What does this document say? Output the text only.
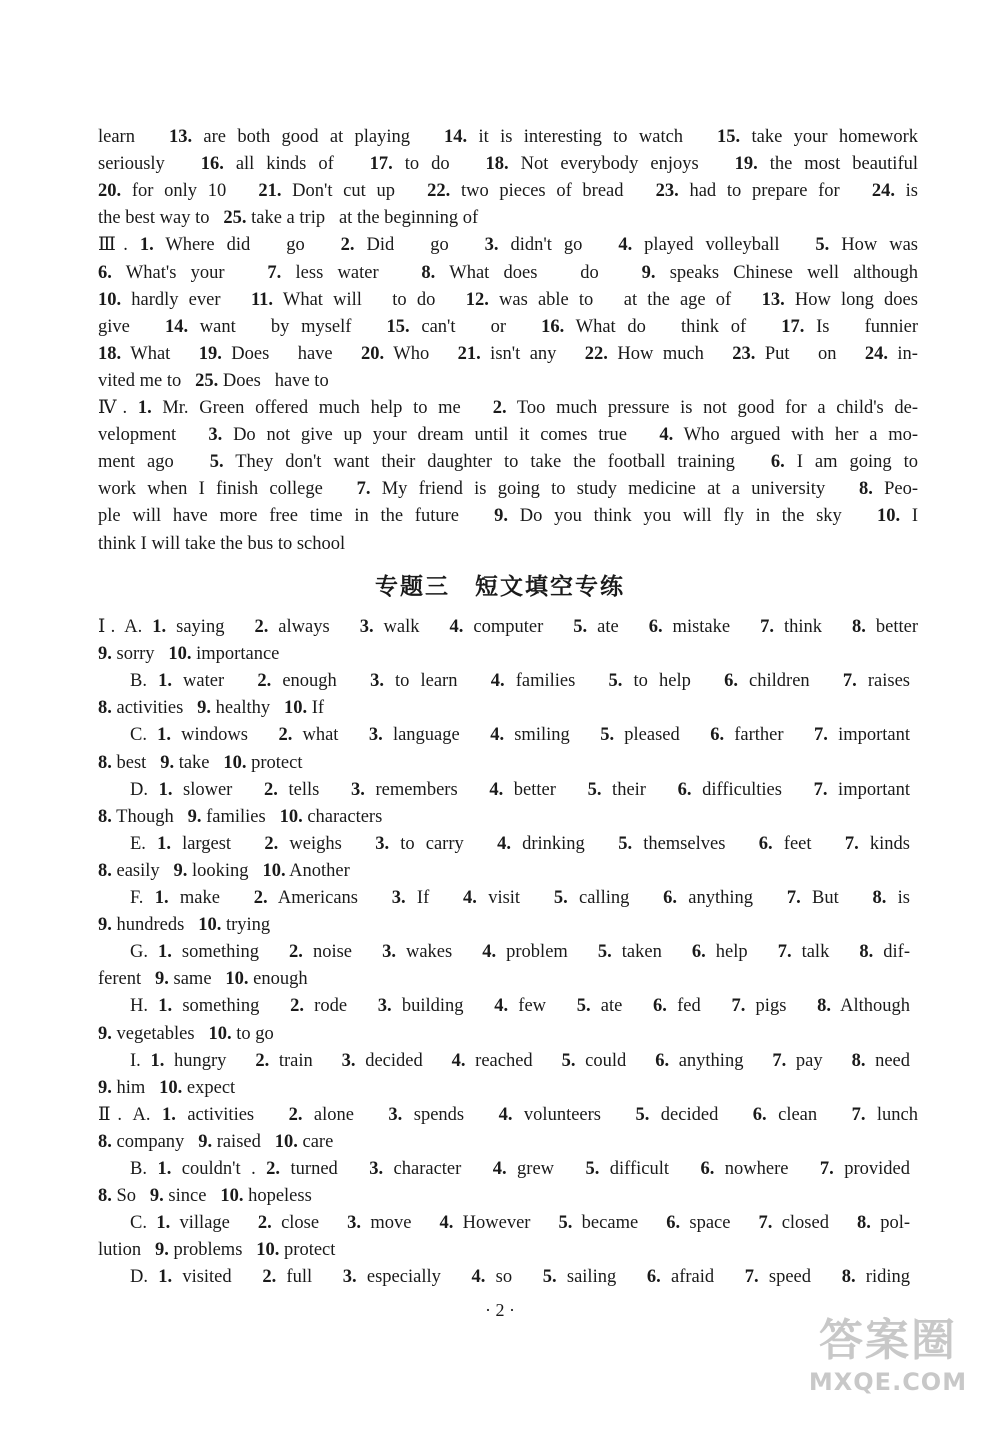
learn   13. are both good at playing   14. it is interesting to watch   15. take your homework
seriously   16. all kinds of   17. to do   18. Not everybody enjoys   19. the most beautiful
20. for only 10   21. Don't cut up   22. two pieces of bread   23. had to prepare for   24. is
the best way to   25. take a trip   at the beginning of
Ⅲ. 1. Where did   go   2. Did   go   3. didn't go   4. played volleyball   5. How was
6. What's your   7. less water   8. What does   do   9. speaks Chinese well although
10. hardly ever   11. What will   to do   12. was able to   at the age of   13. How long does
give   14. want   by myself   15. can't   or   16. What do   think of   17. Is   funnier
18. What   19. Does   have   20. Who   21. isn't any   22. How much   23. Put   on   24. in-
vited me to   25. Does   have to
Ⅳ. 1. Mr. Green offered much help to me   2. Too much pressure is not good for a child's de-
velopment   3. Do not give up your dream until it comes true   4. Who argued with her a mo-
ment ago   5. They don't want their daughter to take the football training   6. I am going to
work when I finish college   7. My friend is going to study medicine at a university   8. Peo-
ple will have more free time in the future   9. Do you think you will fly in the sky   10. I
think I will take the bus to school
专题三　短文填空专练
Ⅰ. A. 1. saying   2. always   3. walk   4. computer   5. ate   6. mistake   7. think   8. better
9. sorry   10. importance
B. 1. water   2. enough   3. to learn   4. families   5. to help   6. children   7. raises
8. activities   9. healthy   10. If
C. 1. windows   2. what   3. language   4. smiling   5. pleased   6. farther   7. important
8. best   9. take   10. protect
D. 1. slower   2. tells   3. remembers   4. better   5. their   6. difficulties   7. important
8. Though   9. families   10. characters
E. 1. largest   2. weighs   3. to carry   4. drinking   5. themselves   6. feet   7. kinds
8. easily   9. looking   10. Another
F. 1. make   2. Americans   3. If   4. visit   5. calling   6. anything   7. But   8. is
9. hundreds   10. trying
G. 1. something   2. noise   3. wakes   4. problem   5. taken   6. help   7. talk   8. dif-
ferent   9. same   10. enough
H. 1. something   2. rode   3. building   4. few   5. ate   6. fed   7. pigs   8. Although
9. vegetables   10. to go
I. 1. hungry   2. train   3. decided   4. reached   5. could   6. anything   7. pay   8. need
9. him   10. expect
Ⅱ. A. 1. activities   2. alone   3. spends   4. volunteers   5. decided   6. clean   7. lunch
8. company   9. raised   10. care
B. 1. couldn't . 2. turned   3. character   4. grew   5. difficult   6. nowhere   7. provided
8. So   9. since   10. hopeless
C. 1. village   2. close   3. move   4. However   5. became   6. space   7. closed   8. pol-
lution   9. problems   10. protect
D. 1. visited   2. full   3. especially   4. so   5. sailing   6. afraid   7. speed   8. riding
· 2 ·
答案圈
MXQE.COM
